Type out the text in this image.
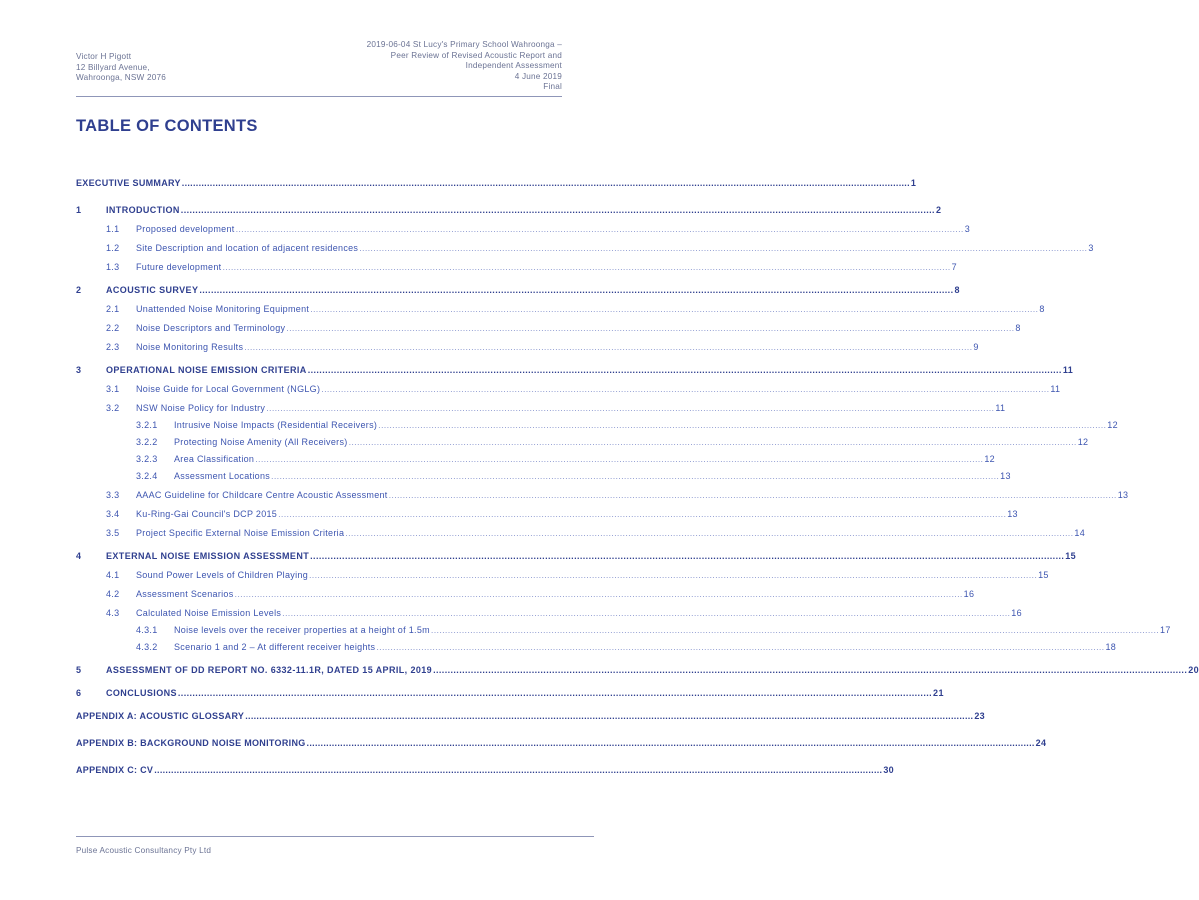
Victor H Pigott
12 Billyard Avenue,
Wahroonga, NSW 2076
2019-06-04 St Lucy's Primary School Wahroonga –
Peer Review of Revised Acoustic Report and
Independent Assessment
4 June 2019
Final
TABLE OF CONTENTS
EXECUTIVE SUMMARY .................................................................................................................................................................................................................................................................... 1
1	INTRODUCTION .................................................................................................................................................................................................................................................................... 2
1.1	Proposed development .................................................................................................................................................................................................................................................................... 3
1.2	Site Description and location of adjacent residences .................................................................................................................................................................................................................................................................... 3
1.3	Future development .................................................................................................................................................................................................................................................................... 7
2	ACOUSTIC SURVEY .................................................................................................................................................................................................................................................................... 8
2.1	Unattended Noise Monitoring Equipment .................................................................................................................................................................................................................................................................... 8
2.2	Noise Descriptors and Terminology .................................................................................................................................................................................................................................................................... 8
2.3	Noise Monitoring Results .................................................................................................................................................................................................................................................................... 9
3	OPERATIONAL NOISE EMISSION CRITERIA .................................................................................................................................................................................................................................................................... 11
3.1	Noise Guide for Local Government (NGLG) .................................................................................................................................................................................................................................................................... 11
3.2	NSW Noise Policy for Industry .................................................................................................................................................................................................................................................................... 11
3.2.1	Intrusive Noise Impacts (Residential Receivers) .................................................................................................................................................................................................................................................................... 12
3.2.2	Protecting Noise Amenity (All Receivers) .................................................................................................................................................................................................................................................................... 12
3.2.3	Area Classification .................................................................................................................................................................................................................................................................... 12
3.2.4	Assessment Locations .................................................................................................................................................................................................................................................................... 13
3.3	AAAC Guideline for Childcare Centre Acoustic Assessment .................................................................................................................................................................................................................................................................... 13
3.4	Ku-Ring-Gai Council's DCP 2015 .................................................................................................................................................................................................................................................................... 13
3.5	Project Specific External Noise Emission Criteria .................................................................................................................................................................................................................................................................... 14
4	EXTERNAL NOISE EMISSION ASSESSMENT .................................................................................................................................................................................................................................................................... 15
4.1	Sound Power Levels of Children Playing .................................................................................................................................................................................................................................................................... 15
4.2	Assessment Scenarios .................................................................................................................................................................................................................................................................... 16
4.3	Calculated Noise Emission Levels .................................................................................................................................................................................................................................................................... 16
4.3.1	Noise levels over the receiver properties at a height of 1.5m .................................................................................................................................................................................................................................................................... 17
4.3.2	Scenario 1 and 2 – At different receiver heights .................................................................................................................................................................................................................................................................... 18
5	ASSESSMENT OF DD REPORT NO. 6332-11.1R, DATED 15 APRIL, 2019 .................................................................................................................................................................................................................................................................... 20
6	CONCLUSIONS .................................................................................................................................................................................................................................................................... 21
APPENDIX A: ACOUSTIC GLOSSARY .................................................................................................................................................................................................................................................................... 23
APPENDIX B: BACKGROUND NOISE MONITORING .................................................................................................................................................................................................................................................................... 24
APPENDIX C: CV .................................................................................................................................................................................................................................................................... 30
Pulse Acoustic Consultancy Pty Ltd
